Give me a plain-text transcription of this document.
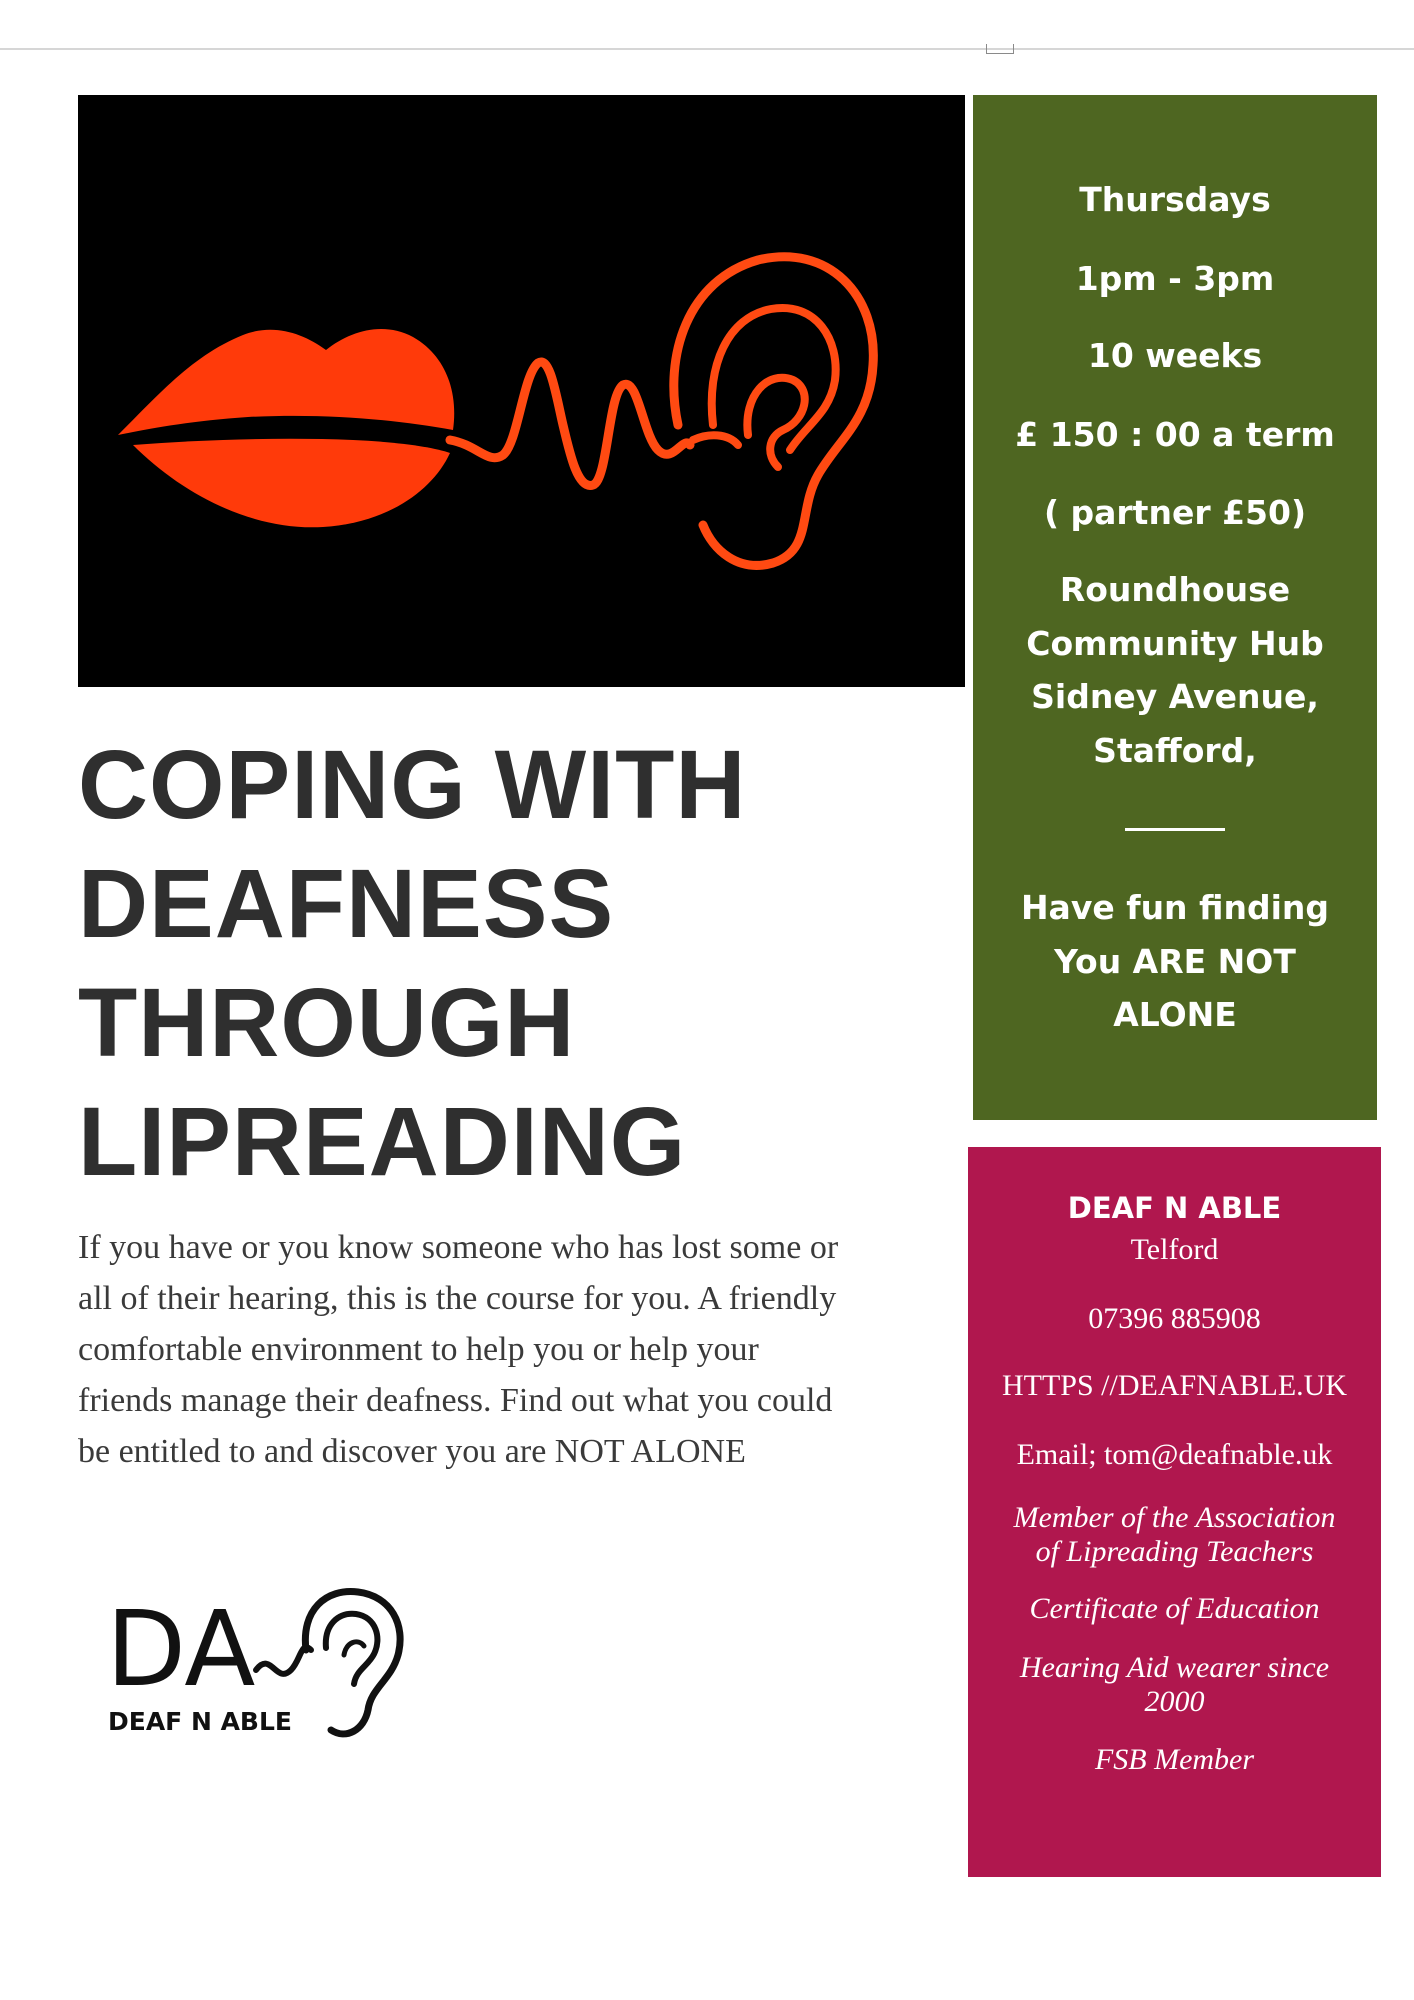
COPING WITH
DEAFNESS
THROUGH
LIPREADING

If you have or you know someone who has lost some or
all of their hearing, this is the course for you. A friendly
comfortable environment to help you or help your
friends manage their deafness. Find out what you could
be entitled to and discover you are NOT ALONE

DA
DEAF N ABLE
Thursdays
1pm - 3pm
10 weeks
£ 150 : 00 a term
( partner £50)
Roundhouse
Community Hub
Sidney Avenue,
Stafford,
Have fun finding
You ARE NOT
ALONE
DEAF N ABLE
Telford
07396 885908
HTTPS //DEAFNABLE.UK
Email; tom@deafnable.uk
Member of the Association
of Lipreading Teachers
Certificate of Education
Hearing Aid wearer since
2000
FSB Member
